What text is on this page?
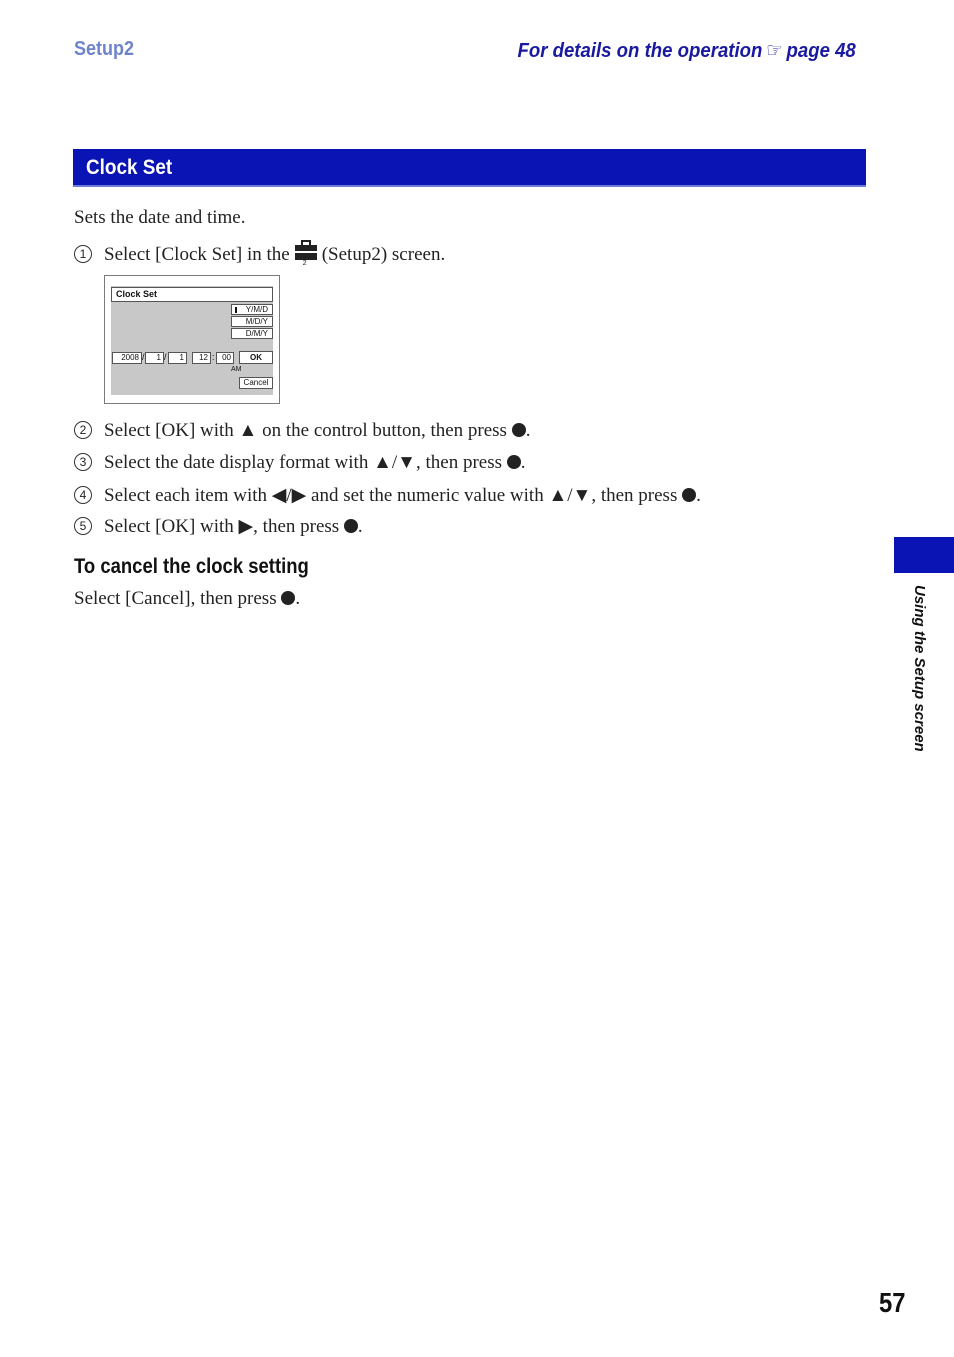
Setup2	For details on the operation ☞ page 48
Clock Set
Sets the date and time.
1 Select [Clock Set] in the 2 (Setup2) screen.
Clock Set
Y/M/D
M/D/Y
D/M/Y
2008 /	1 /	1	12 : 00	OK
AM
Cancel
2 Select [OK] with ▲ on the control button, then press .
3 Select the date display format with ▲/▼, then press .
4 Select each item with ◀/▶ and set the numeric value with ▲/▼, then press .
5 Select [OK] with ▶, then press .
To cancel the clock setting
Select [Cancel], then press .	Using the Setup screen
57
